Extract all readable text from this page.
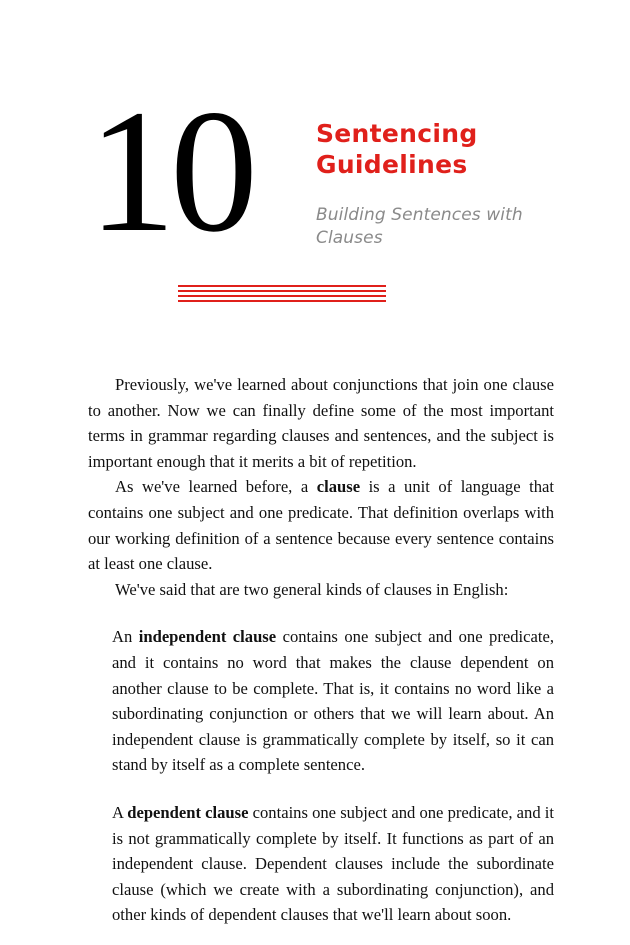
10	Sentencing
Guidelines
Building Sentences with Clauses

Previously, we've learned about conjunctions that join one clause to another. Now we can finally define some of the most important terms in grammar regarding clauses and sentences, and the subject is important enough that it merits a bit of repetition.

As we've learned before, a clause is a unit of language that contains one subject and one predicate. That definition overlaps with our working definition of a sentence because every sentence contains at least one clause.

We've said that are two general kinds of clauses in English:

An independent clause contains one subject and one predicate, and it contains no word that makes the clause dependent on another clause to be complete. That is, it contains no word like a subordinating conjunction or others that we will learn about. An independent clause is grammatically complete by itself, so it can stand by itself as a complete sentence.

A dependent clause contains one subject and one predicate, and it is not grammatically complete by itself. It functions as part of an independent clause. Dependent clauses include the subordinate clause (which we create with a subordinating conjunction), and other kinds of dependent clauses that we'll learn about soon.
